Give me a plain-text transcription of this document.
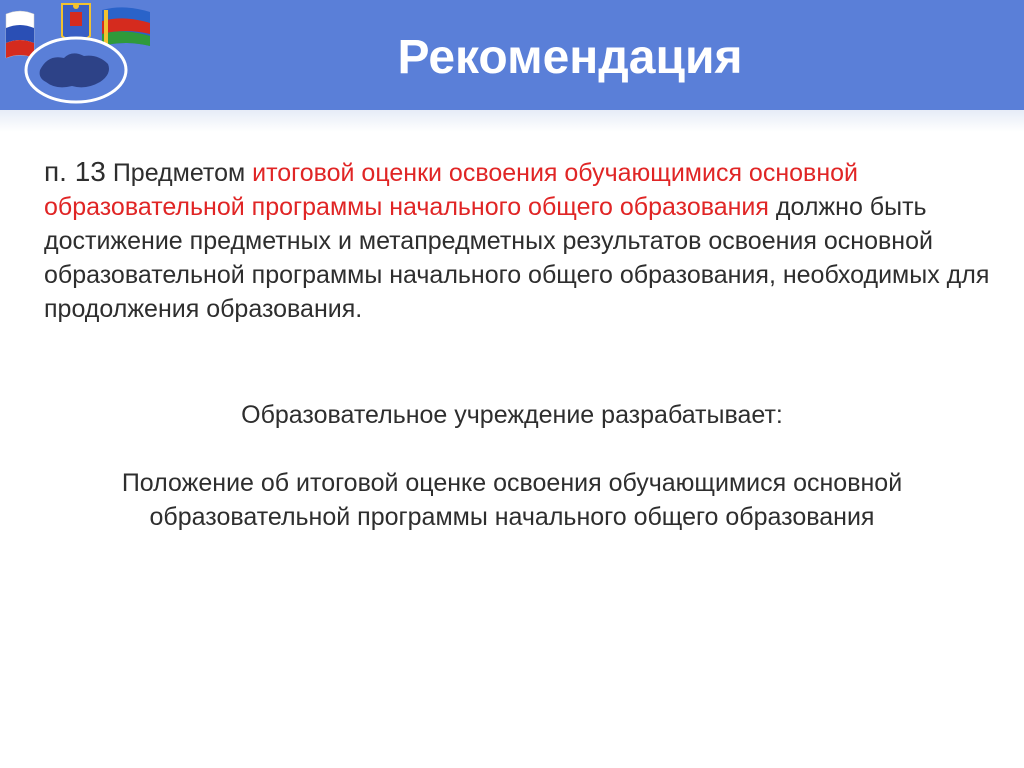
Рекомендация
п. 13 Предметом итоговой оценки освоения обучающимися основной образовательной программы начального общего образования должно быть достижение предметных и метапредметных результатов освоения основной образовательной программы начального общего образования, необходимых для продолжения образования.
Образовательное учреждение разрабатывает:
Положение об итоговой оценке освоения обучающимися основной образовательной программы начального общего образования
